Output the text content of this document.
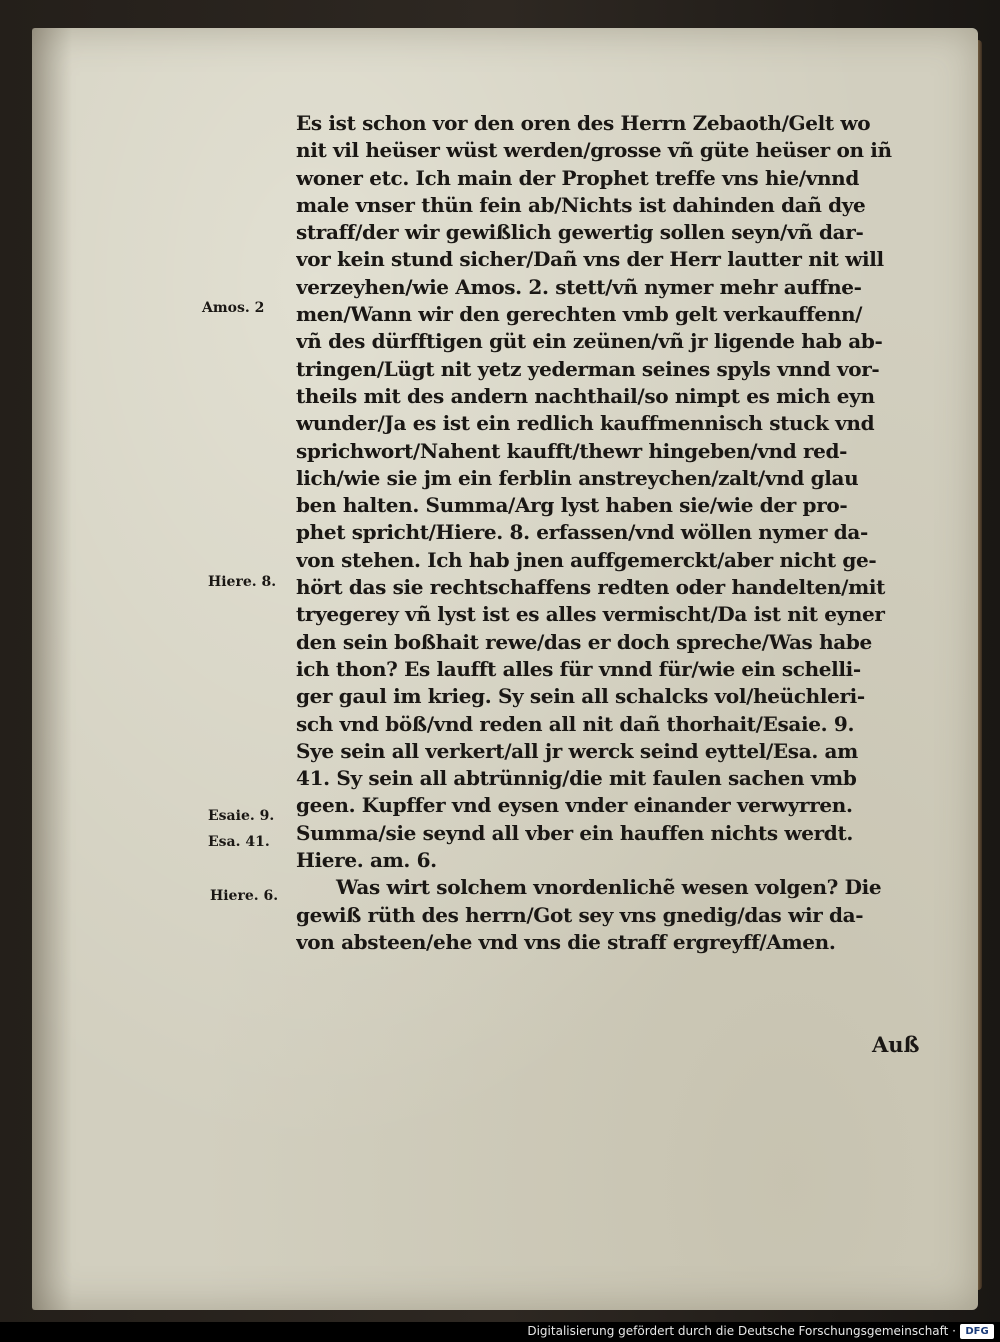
Amos. 2
Hiere. 8.
Esaie. 9.
Esa. 41.
Hiere. 6.
Es ist schon vor den oren des Herrn Zebaoth/Gelt wo
nit vil heüser wüst werden/grosse vñ güte heüser on iñ
woner etc. Ich main der Prophet treffe vns hie/vnnd
male vnser thün fein ab/Nichts ist dahinden dañ dye
straff/der wir gewißlich gewertig sollen seyn/vñ dar-
vor kein stund sicher/Dañ vns der Herr lautter nit will
verzeyhen/wie Amos. 2. stett/vñ nymer mehr auffne-
men/Wann wir den gerechten vmb gelt verkauffenn/
vñ des dürfftigen güt ein zeünen/vñ jr ligende hab ab-
tringen/Lügt nit yetz yederman seines spyls vnnd vor-
theils mit des andern nachthail/so nimpt es mich eyn
wunder/Ja es ist ein redlich kauffmennisch stuck vnd
sprichwort/Nahent kaufft/thewr hingeben/vnd red-
lich/wie sie jm ein ferblin anstreychen/zalt/vnd glau
ben halten. Summa/Arg lyst haben sie/wie der pro-
phet spricht/Hiere. 8. erfassen/vnd wöllen nymer da-
von stehen. Ich hab jnen auffgemerckt/aber nicht ge-
hört das sie rechtschaffens redten oder handelten/mit
tryegerey vñ lyst ist es alles vermischt/Da ist nit eyner
den sein boßhait rewe/das er doch spreche/Was habe
ich thon? Es laufft alles für vnnd für/wie ein schelli-
ger gaul im krieg. Sy sein all schalcks vol/heüchleri-
sch vnd böß/vnd reden all nit dañ thorhait/Esaie. 9.
Sye sein all verkert/all jr werck seind eyttel/Esa. am
41. Sy sein all abtrünnig/die mit faulen sachen vmb
geen. Kupffer vnd eysen vnder einander verwyrren.
Summa/sie seynd all vber ein hauffen nichts werdt.
Hiere. am. 6.
Was wirt solchem vnordenlichẽ wesen volgen? Die
gewiß rüth des herrn/Got sey vns gnedig/das wir da-
von absteen/ehe vnd vns die straff ergreyff/Amen.
Auß
Digitalisierung gefördert durch die Deutsche Forschungsgemeinschaft · DFG
